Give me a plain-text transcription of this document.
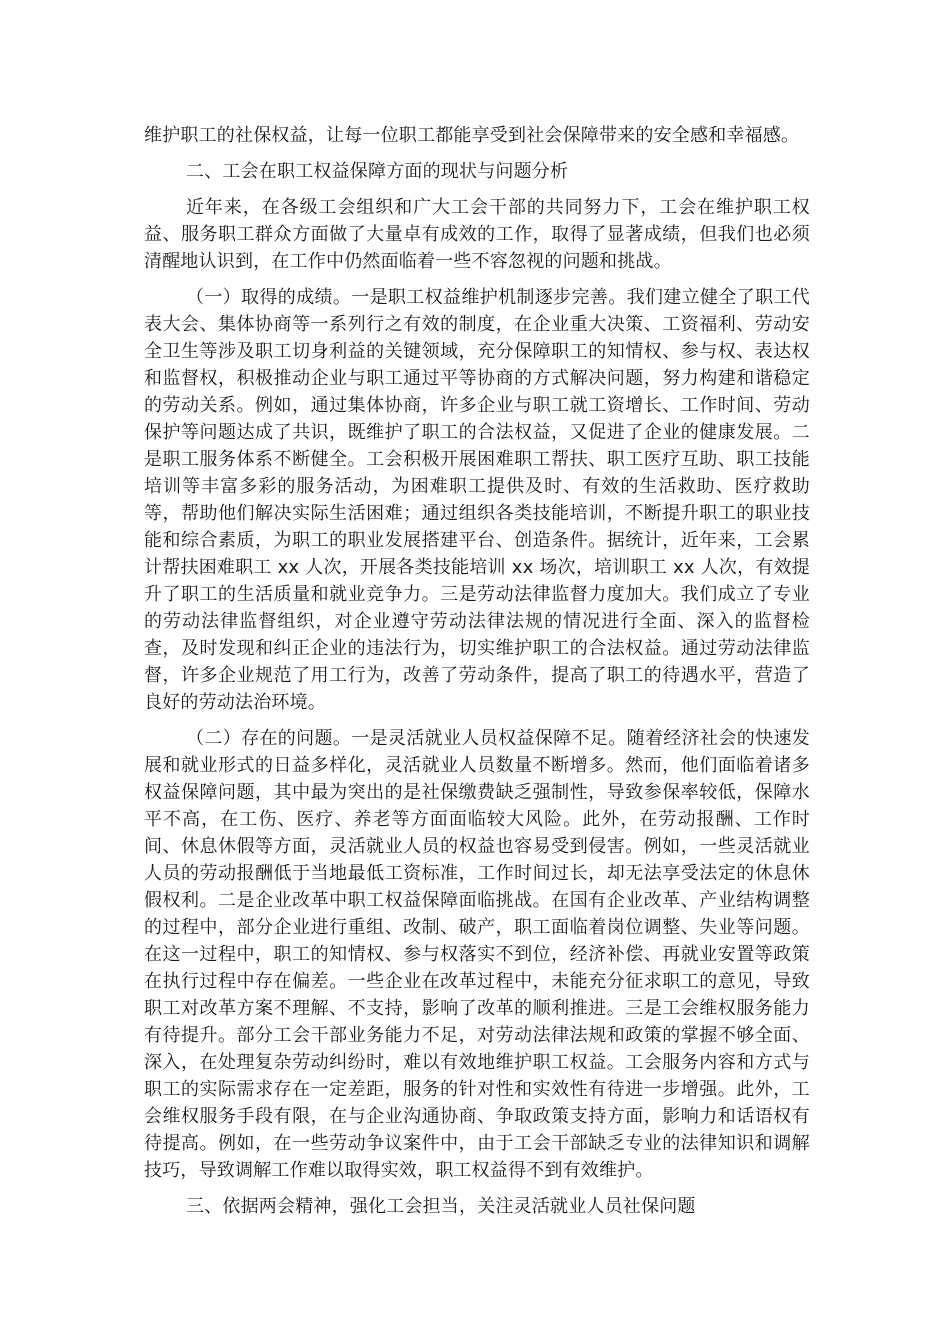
维护职工的社保权益，让每一位职工都能享受到社会保障带来的安全感和幸福感。

二、工会在职工权益保障方面的现状与问题分析

近年来，在各级工会组织和广大工会干部的共同努力下，工会在维护职工权益、服务职工群众方面做了大量卓有成效的工作，取得了显著成绩，但我们也必须清醒地认识到，在工作中仍然面临着一些不容忽视的问题和挑战。

（一）取得的成绩。一是职工权益维护机制逐步完善。我们建立健全了职工代表大会、集体协商等一系列行之有效的制度，在企业重大决策、工资福利、劳动安全卫生等涉及职工切身利益的关键领域，充分保障职工的知情权、参与权、表达权和监督权，积极推动企业与职工通过平等协商的方式解决问题，努力构建和谐稳定的劳动关系。例如，通过集体协商，许多企业与职工就工资增长、工作时间、劳动保护等问题达成了共识，既维护了职工的合法权益，又促进了企业的健康发展。二是职工服务体系不断健全。工会积极开展困难职工帮扶、职工医疗互助、职工技能培训等丰富多彩的服务活动，为困难职工提供及时、有效的生活救助、医疗救助等，帮助他们解决实际生活困难；通过组织各类技能培训，不断提升职工的职业技能和综合素质，为职工的职业发展搭建平台、创造条件。据统计，近年来，工会累计帮扶困难职工 xx 人次，开展各类技能培训 xx 场次，培训职工 xx 人次，有效提升了职工的生活质量和就业竞争力。三是劳动法律监督力度加大。我们成立了专业的劳动法律监督组织，对企业遵守劳动法律法规的情况进行全面、深入的监督检查，及时发现和纠正企业的违法行为，切实维护职工的合法权益。通过劳动法律监督，许多企业规范了用工行为，改善了劳动条件，提高了职工的待遇水平，营造了良好的劳动法治环境。

（二）存在的问题。一是灵活就业人员权益保障不足。随着经济社会的快速发展和就业形式的日益多样化，灵活就业人员数量不断增多。然而，他们面临着诸多权益保障问题，其中最为突出的是社保缴费缺乏强制性，导致参保率较低，保障水平不高，在工伤、医疗、养老等方面面临较大风险。此外，在劳动报酬、工作时间、休息休假等方面，灵活就业人员的权益也容易受到侵害。例如，一些灵活就业人员的劳动报酬低于当地最低工资标准，工作时间过长，却无法享受法定的休息休假权利。二是企业改革中职工权益保障面临挑战。在国有企业改革、产业结构调整的过程中，部分企业进行重组、改制、破产，职工面临着岗位调整、失业等问题。在这一过程中，职工的知情权、参与权落实不到位，经济补偿、再就业安置等政策在执行过程中存在偏差。一些企业在改革过程中，未能充分征求职工的意见，导致职工对改革方案不理解、不支持，影响了改革的顺利推进。三是工会维权服务能力有待提升。部分工会干部业务能力不足，对劳动法律法规和政策的掌握不够全面、深入，在处理复杂劳动纠纷时，难以有效地维护职工权益。工会服务内容和方式与职工的实际需求存在一定差距，服务的针对性和实效性有待进一步增强。此外，工会维权服务手段有限，在与企业沟通协商、争取政策支持方面，影响力和话语权有待提高。例如，在一些劳动争议案件中，由于工会干部缺乏专业的法律知识和调解技巧，导致调解工作难以取得实效，职工权益得不到有效维护。

三、依据两会精神，强化工会担当，关注灵活就业人员社保问题
